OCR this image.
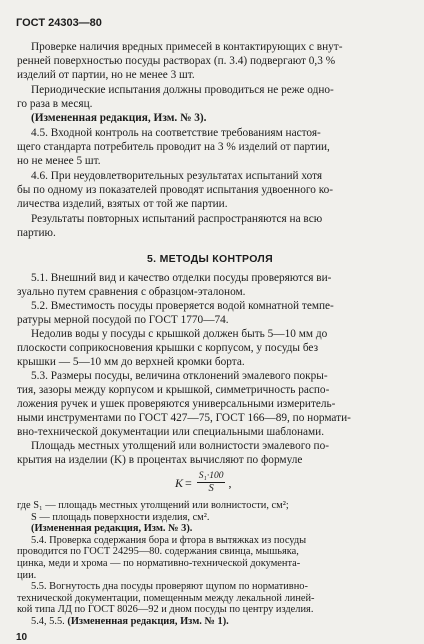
ГОСТ 24303—80
Проверке наличия вредных примесей в контактирующих с внут-
ренней поверхностью посуды растворах (п. 3.4) подвергают 0,3 %
изделий от партии, но не менее 3 шт.
Периодические испытания должны проводиться не реже одно-
го раза в месяц.
(Измененная редакция, Изм. № 3).
4.5. Входной контроль на соответствие требованиям настоя-
щего стандарта потребитель проводит на 3 % изделий от партии,
но не менее 5 шт.
4.6. При неудовлетворительных результатах испытаний хотя
бы по одному из показателей проводят испытания удвоенного ко-
личества изделий, взятых от той же партии.
Результаты повторных испытаний распространяются на всю
партию.
5. МЕТОДЫ КОНТРОЛЯ
5.1. Внешний вид и качество отделки посуды проверяются ви-
зуально путем сравнения с образцом-эталоном.
5.2. Вместимость посуды проверяется водой комнатной темпе-
ратуры мерной посудой по ГОСТ 1770—74.
Недолив воды у посуды с крышкой должен быть 5—10 мм до
плоскости соприкосновения крышки с корпусом, у посуды без
крышки — 5—10 мм до верхней кромки борта.
5.3. Размеры посуды, величина отклонений эмалевого покры-
тия, зазоры между корпусом и крышкой, симметричность распо-
ложения ручек и ушек проверяются универсальными измеритель-
ными инструментами по ГОСТ 427—75, ГОСТ 166—89, по нормати-
вно-технической документации или специальными шаблонами.
Площадь местных утолщений или волнистости эмалевого по-
крытия на изделии (K) в процентах вычисляют по формуле
$K = \frac{\text{S₁·100}}{S}$ ,
где S₁ — площадь местных утолщений или волнистости, см²;
S — площадь поверхности изделия, см².
(Измененная редакция, Изм. № 3).
5.4. Проверка содержания бора и фтора в вытяжках из посуды
проводится по ГОСТ 24295—80. содержания свинца, мышьяка,
цинка, меди и хрома — по нормативно-технической документа-
ции.
5.5. Вогнутость дна посуды проверяют щупом по нормативно-
технической документации, помещенным между лекальной линей-
кой типа ЛД по ГОСТ 8026—92 и дном посуды по центру изделия.
5.4, 5.5. (Измененная редакция, Изм. № 1).
10
